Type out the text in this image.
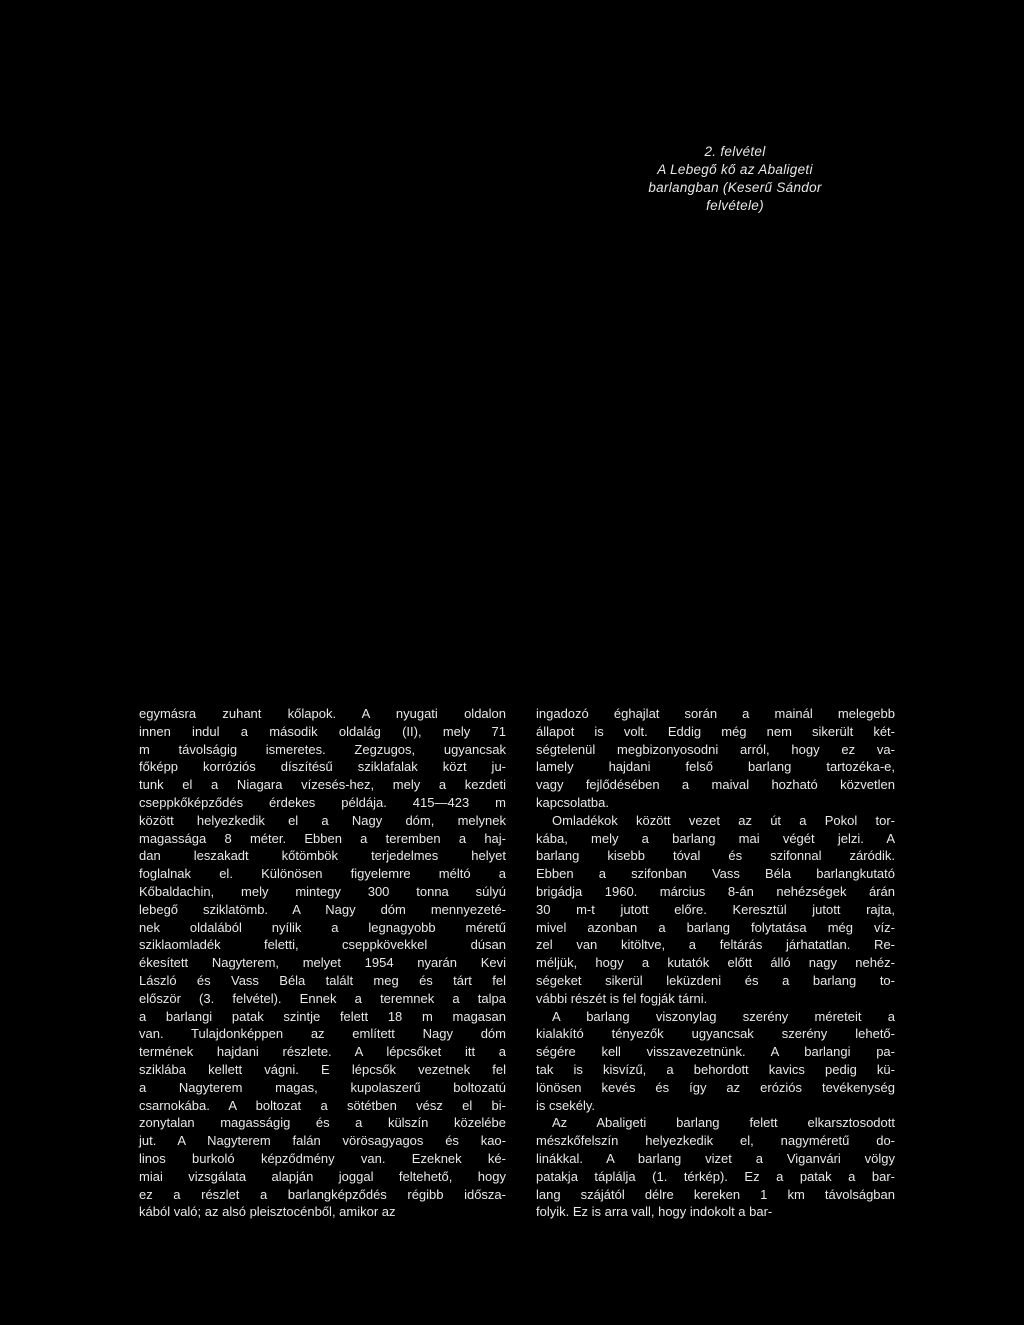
2. felvétel
A Lebegő kő az Abaligeti
barlangban (Keserű Sándor
felvétele)
egymásra zuhant kőlapok. A nyugati oldalon
innen indul a második oldalág (II), mely 71
m távolságig ismeretes. Zegzugos, ugyancsak
főképp korróziós díszítésű sziklafalak közt ju-
tunk el a Niagara vízesés-hez, mely a kezdeti
cseppkőképződés érdekes példája. 415—423 m
között helyezkedik el a Nagy dóm, melynek
magassága 8 méter. Ebben a teremben a haj-
dan leszakadt kőtömbök terjedelmes helyet
foglalnak el. Különösen figyelemre méltó a
Kőbaldachin, mely mintegy 300 tonna súlyú
lebegő sziklatömb. A Nagy dóm mennyezeté-
nek oldalából nyílik a legnagyobb méretű
sziklaomladék feletti, cseppkövekkel dúsan
ékesített Nagyterem, melyet 1954 nyarán Kevi
László és Vass Béla talált meg és tárt fel
először (3. felvétel). Ennek a teremnek a talpa
a barlangi patak szintje felett 18 m magasan
van. Tulajdonképpen az említett Nagy dóm
termének hajdani részlete. A lépcsőket itt a
sziklába kellett vágni. E lépcsők vezetnek fel
a Nagyterem magas, kupolaszerű boltozatú
csarnokába. A boltozat a sötétben vész el bi-
zonytalan magasságig és a külszín közelébe
jut. A Nagyterem falán vörösagyagos és kao-
linos burkoló képződmény van. Ezeknek ké-
miai vizsgálata alapján joggal feltehető, hogy
ez a részlet a barlangképződés régibb időszа-
kából való; az alsó pleisztocénből, amikor az
ingadozó éghajlat során a mainál melegebb
állapot is volt. Eddig még nem sikerült két-
ségtelenül megbizonyosodni arról, hogy ez va-
lamely hajdani felső barlang tartozéka-e,
vagy fejlődésében a maival hozható közvetlen
kapcsolatba.
Omladékok között vezet az út a Pokol tor-
kába, mely a barlang mai végét jelzi. A
barlang kisebb tóval és szifonnal záródik.
Ebben a szifonban Vass Béla barlangkutató
brigádja 1960. március 8-án nehézségek árán
30 m-t jutott előre. Keresztül jutott rajta,
mivel azonban a barlang folytatása még víz-
zel van kitöltve, a feltárás járhatatlan. Re-
méljük, hogy a kutatók előtt álló nagy nehéz-
ségeket sikerül leküzdeni és a barlang to-
vábbi részét is fel fogják tárni.
A barlang viszonylag szerény méreteit a
kialakító tényezők ugyancsak szerény lehető-
ségére kell visszavezetnünk. A barlangi pa-
tak is kisvízű, a behordott kavics pedig kü-
lönösen kevés és így az eróziós tevékenység
is csekély.
Az Abaligeti barlang felett elkarsztosodott
mészkőfelszín helyezkedik el, nagyméretű do-
linákkal. A barlang vizet a Viganvári völgy
patakja táplálja (1. térkép). Ez a patak a bar-
lang szájától délre kereken 1 km távolságban
folyik. Ez is arra vall, hogy indokolt a bar-
